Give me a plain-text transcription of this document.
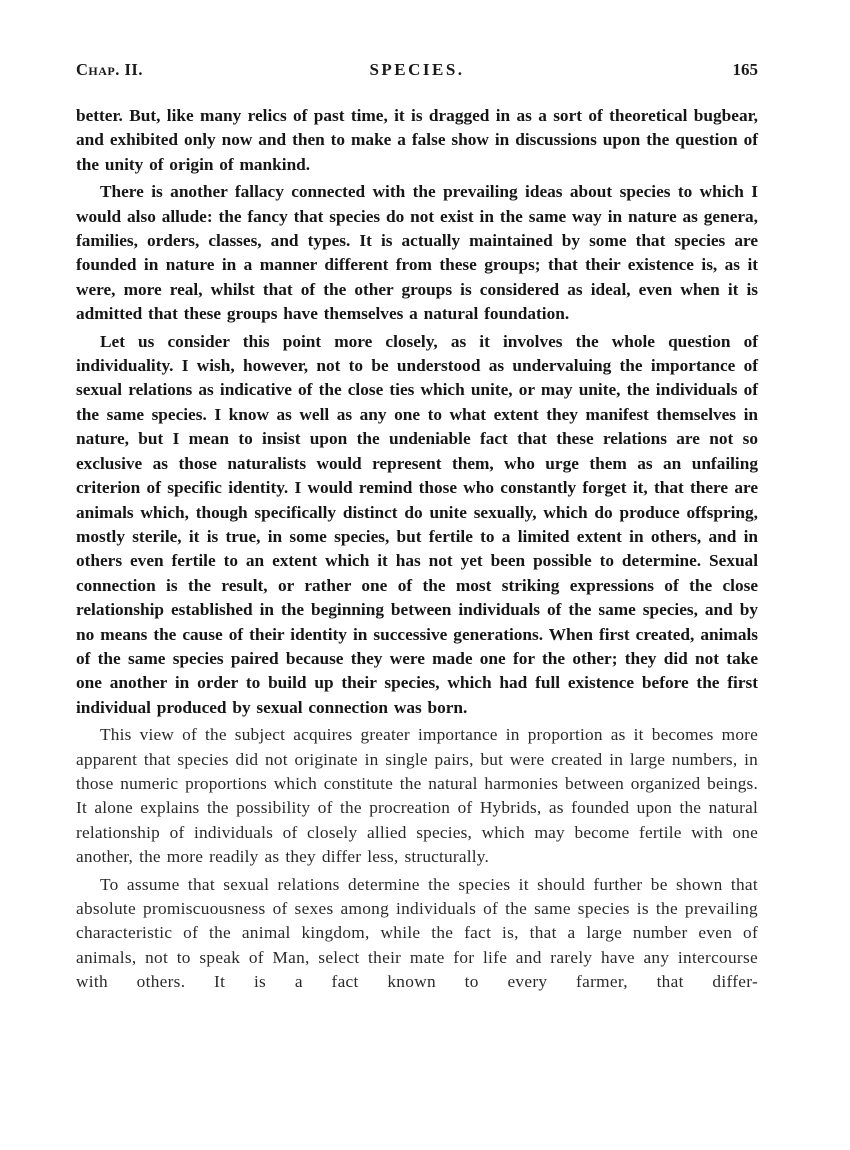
Chap. II.	SPECIES.	165

better. But, like many relics of past time, it is dragged in as a sort of theoretical bugbear, and exhibited only now and then to make a false show in discussions upon the question of the unity of origin of mankind.

There is another fallacy connected with the prevailing ideas about species to which I would also allude: the fancy that species do not exist in the same way in nature as genera, families, orders, classes, and types. It is actually maintained by some that species are founded in nature in a manner different from these groups; that their existence is, as it were, more real, whilst that of the other groups is considered as ideal, even when it is admitted that these groups have themselves a natural foundation.

Let us consider this point more closely, as it involves the whole question of individuality. I wish, however, not to be understood as undervaluing the importance of sexual relations as indicative of the close ties which unite, or may unite, the individuals of the same species. I know as well as any one to what extent they manifest themselves in nature, but I mean to insist upon the undeniable fact that these relations are not so exclusive as those naturalists would represent them, who urge them as an unfailing criterion of specific identity. I would remind those who constantly forget it, that there are animals which, though specifically distinct do unite sexually, which do produce offspring, mostly sterile, it is true, in some species, but fertile to a limited extent in others, and in others even fertile to an extent which it has not yet been possible to determine. Sexual connection is the result, or rather one of the most striking expressions of the close relationship established in the beginning between individuals of the same species, and by no means the cause of their identity in successive generations. When first created, animals of the same species paired because they were made one for the other; they did not take one another in order to build up their species, which had full existence before the first individual produced by sexual connection was born.

This view of the subject acquires greater importance in proportion as it becomes more apparent that species did not originate in single pairs, but were created in large numbers, in those numeric proportions which constitute the natural harmonies between organized beings. It alone explains the possibility of the procreation of Hybrids, as founded upon the natural relationship of individuals of closely allied species, which may become fertile with one another, the more readily as they differ less, structurally.

To assume that sexual relations determine the species it should further be shown that absolute promiscuousness of sexes among individuals of the same species is the prevailing characteristic of the animal kingdom, while the fact is, that a large number even of animals, not to speak of Man, select their mate for life and rarely have any intercourse with others. It is a fact known to every farmer, that differ-
